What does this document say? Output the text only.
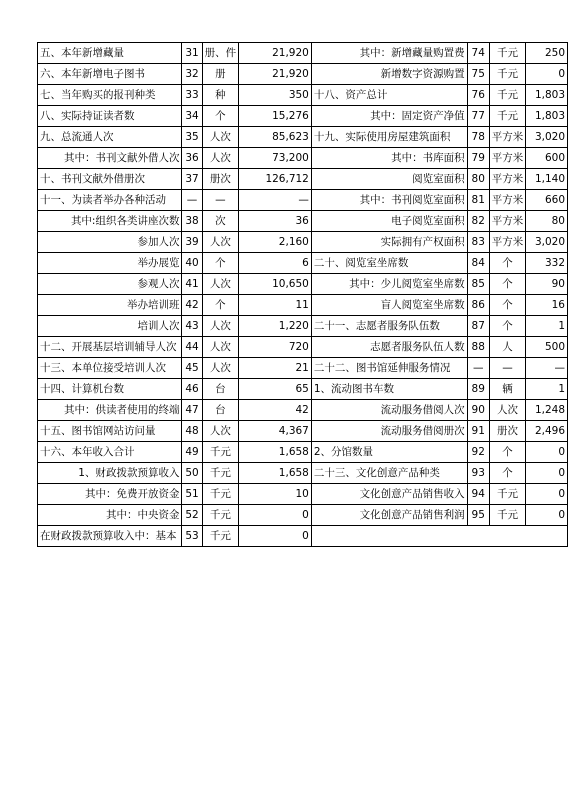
五、本年新增藏量	31	册、件	21,920	其中：新增藏量购置费	74	千元	250
六、本年新增电子图书	32	册	21,920	新增数字资源购置	75	千元	0
七、当年购买的报刊种类	33	种	350	十八、资产总计	76	千元	1,803
八、实际持证读者数	34	个	15,276	其中：固定资产净值	77	千元	1,803
九、总流通人次	35	人次	85,623	十九、实际使用房屋建筑面积	78	平方米	3,020
其中：书刊文献外借人次	36	人次	73,200	其中：书库面积	79	平方米	600
十、书刊文献外借册次	37	册次	126,712	阅览室面积	80	平方米	1,140
十一、为读者举办各种活动	—	—	—	其中：书刊阅览室面积	81	平方米	660
其中:组织各类讲座次数	38	次	36	电子阅览室面积	82	平方米	80
参加人次	39	人次	2,160	实际拥有产权面积	83	平方米	3,020
举办展览	40	个	6	二十、阅览室坐席数	84	个	332
参观人次	41	人次	10,650	其中：少儿阅览室坐席数	85	个	90
举办培训班	42	个	11	盲人阅览室坐席数	86	个	16
培训人次	43	人次	1,220	二十一、志愿者服务队伍数	87	个	1
十二、开展基层培训辅导人次	44	人次	720	志愿者服务队伍人数	88	人	500
十三、本单位接受培训人次	45	人次	21	二十二、图书馆延伸服务情况	—	—	—
十四、计算机台数	46	台	65	1、流动图书车数	89	辆	1
其中：供读者使用的终端	47	台	42	流动服务借阅人次	90	人次	1,248
十五、图书馆网站访问量	48	人次	4,367	流动服务借阅册次	91	册次	2,496
十六、本年收入合计	49	千元	1,658	2、分馆数量	92	个	0
1、财政拨款预算收入	50	千元	1,658	二十三、文化创意产品种类	93	个	0
其中：免费开放资金	51	千元	10	文化创意产品销售收入	94	千元	0
其中：中央资金	52	千元	0	文化创意产品销售利润	95	千元	0
在财政拨款预算收入中：基本	53	千元	0				
